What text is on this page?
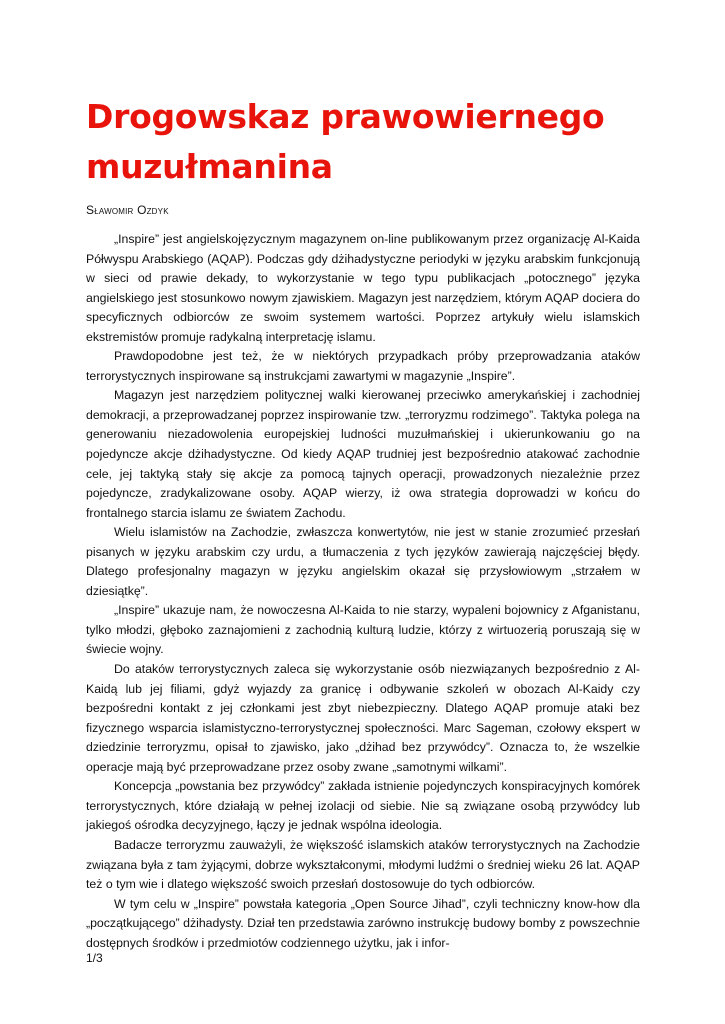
Drogowskaz prawowiernego muzułmanina
Sławomir Ozdyk

„Inspire” jest angielskojęzycznym magazynem on-line publikowanym przez organizację Al-Kaida Półwyspu Arabskiego (AQAP). Podczas gdy dżihadystyczne periodyki w języku arabskim funkcjonują w sieci od prawie dekady, to wykorzystanie w tego typu publikacjach „potocznego” języka angielskiego jest stosunkowo nowym zjawiskiem. Magazyn jest narzędziem, którym AQAP dociera do specyficznych odbiorców ze swoim systemem wartości. Poprzez artykuły wielu islamskich ekstremistów promuje radykalną interpretację islamu.

Prawdopodobne jest też, że w niektórych przypadkach próby przeprowadzania ataków terrorystycznych inspirowane są instrukcjami zawartymi w magazynie „Inspire”.

Magazyn jest narzędziem politycznej walki kierowanej przeciwko amerykańskiej i zachodniej demokracji, a przeprowadzanej poprzez inspirowanie tzw. „terroryzmu rodzimego”. Taktyka polega na generowaniu niezadowolenia europejskiej ludności muzułmańskiej i ukierunkowaniu go na pojedyncze akcje dżihadystyczne. Od kiedy AQAP trudniej jest bezpośrednio atakować zachodnie cele, jej taktyką stały się akcje za pomocą tajnych operacji, prowadzonych niezależnie przez pojedyncze, zradykalizowane osoby. AQAP wierzy, iż owa strategia doprowadzi w końcu do frontalnego starcia islamu ze światem Zachodu.

Wielu islamistów na Zachodzie, zwłaszcza konwertytów, nie jest w stanie zrozumieć przesłań pisanych w języku arabskim czy urdu, a tłumaczenia z tych języków zawierają najczęściej błędy. Dlatego profesjonalny magazyn w języku angielskim okazał się przysłowiowym „strzałem w dziesiątkę”.

„Inspire” ukazuje nam, że nowoczesna Al-Kaida to nie starzy, wypaleni bojownicy z Afganistanu, tylko młodzi, głęboko zaznajomieni z zachodnią kulturą ludzie, którzy z wirtuozerią poruszają się w świecie wojny.

Do ataków terrorystycznych zaleca się wykorzystanie osób niezwiązanych bezpośrednio z Al-Kaidą lub jej filiami, gdyż wyjazdy za granicę i odbywanie szkoleń w obozach Al-Kaidy czy bezpośredni kontakt z jej członkami jest zbyt niebezpieczny. Dlatego AQAP promuje ataki bez fizycznego wsparcia islamistyczno-terrorystycznej społeczności. Marc Sageman, czołowy ekspert w dziedzinie terroryzmu, opisał to zjawisko, jako „dżihad bez przywódcy”. Oznacza to, że wszelkie operacje mają być przeprowadzane przez osoby zwane „samotnymi wilkami”.

Koncepcja „powstania bez przywódcy” zakłada istnienie pojedynczych konspiracyjnych komórek terrorystycznych, które działają w pełnej izolacji od siebie. Nie są związane osobą przywódcy lub jakiegoś ośrodka decyzyjnego, łączy je jednak wspólna ideologia.

Badacze terroryzmu zauważyli, że większość islamskich ataków terrorystycznych na Zachodzie związana była z tam żyjącymi, dobrze wykształconymi, młodymi ludźmi o średniej wieku 26 lat. AQAP też o tym wie i dlatego większość swoich przesłań dostosowuje do tych odbiorców.

W tym celu w „Inspire” powstała kategoria „Open Source Jihad”, czyli techniczny know-how dla „początkującego” dżihadysty. Dział ten przedstawia zarówno instrukcję budowy bomby z powszechnie dostępnych środków i przedmiotów codziennego użytku, jak i infor-

1/3
